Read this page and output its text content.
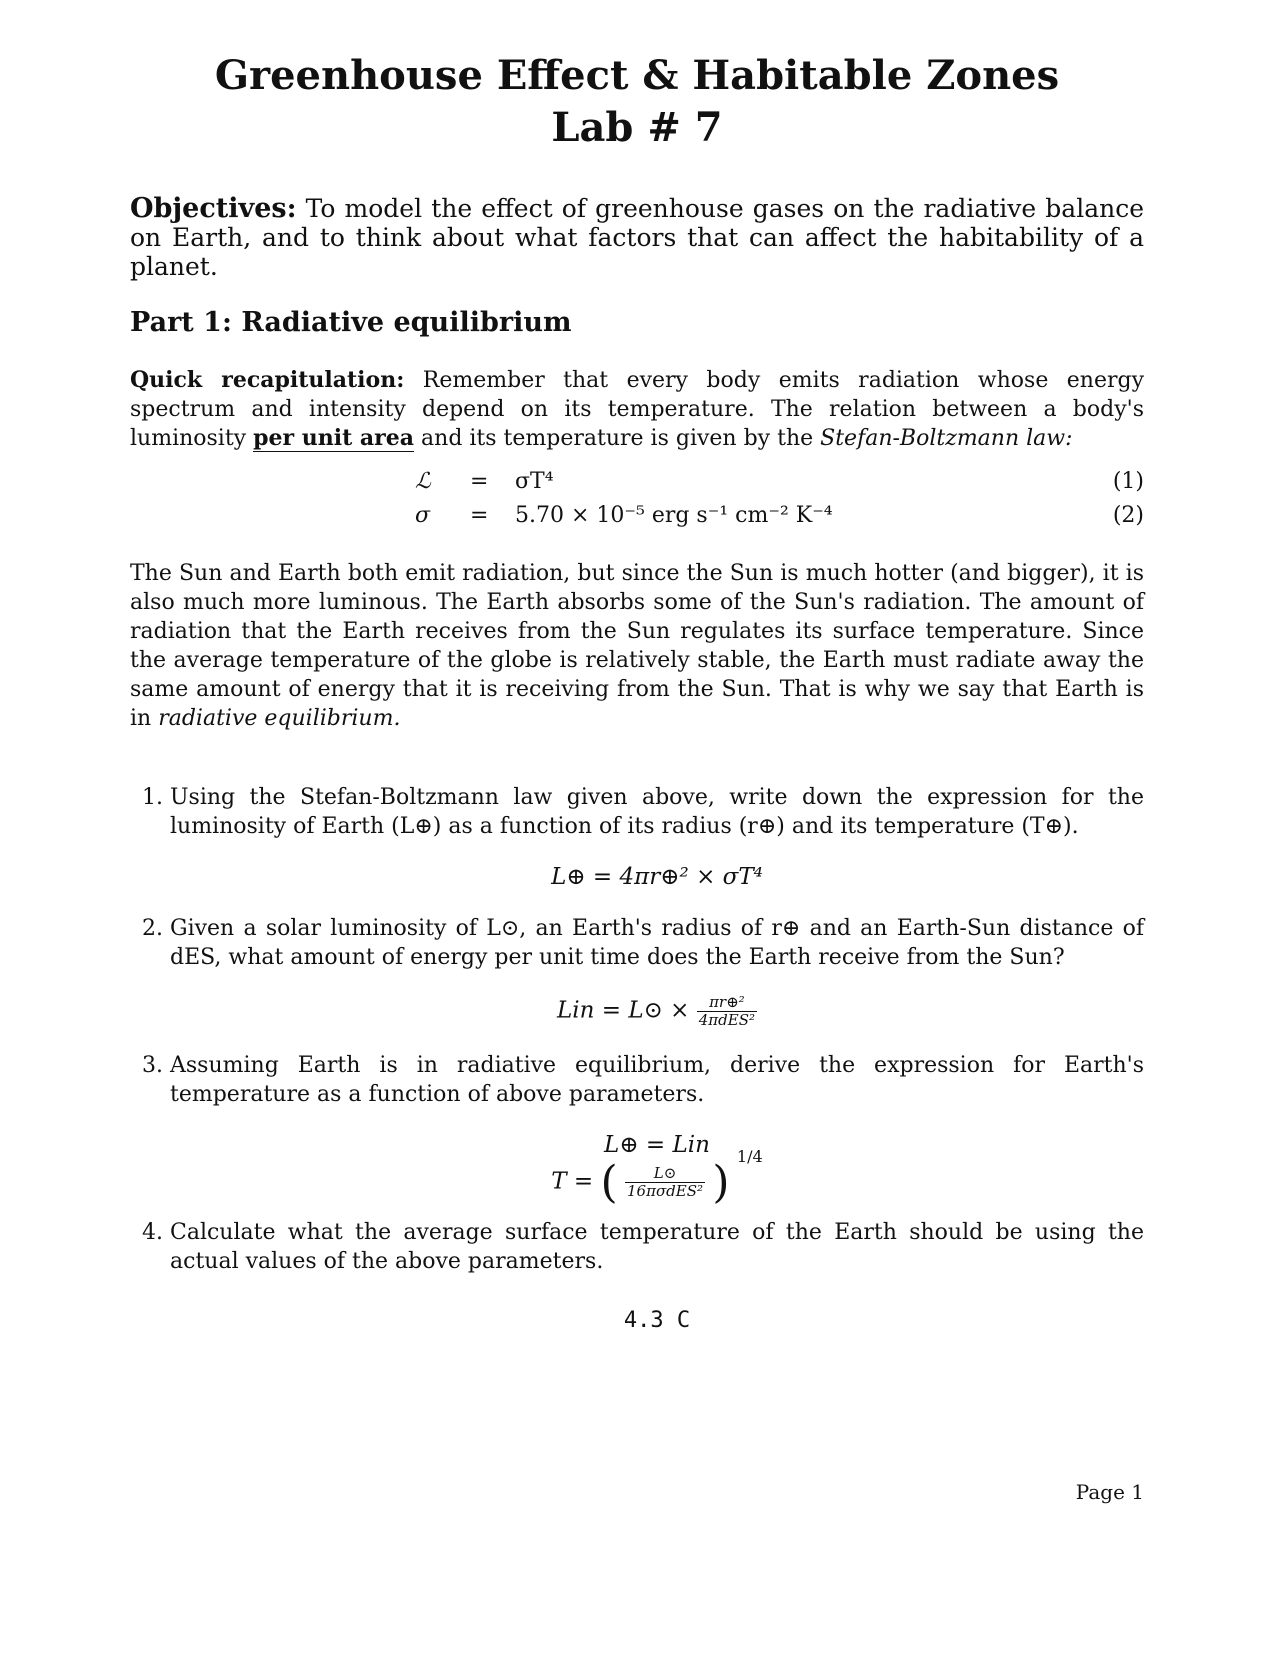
Greenhouse Effect & Habitable Zones
Lab # 7
Objectives: To model the effect of greenhouse gases on the radiative balance on Earth, and to think about what factors that can affect the habitability of a planet.
Part 1: Radiative equilibrium
Quick recapitulation: Remember that every body emits radiation whose energy spectrum and intensity depend on its temperature. The relation between a body's luminosity per unit area and its temperature is given by the Stefan-Boltzmann law:
ℒ = σT⁴	(1)
σ = 5.70 × 10⁻⁵ erg s⁻¹ cm⁻² K⁻⁴	(2)
The Sun and Earth both emit radiation, but since the Sun is much hotter (and bigger), it is also much more luminous. The Earth absorbs some of the Sun's radiation. The amount of radiation that the Earth receives from the Sun regulates its surface temperature. Since the average temperature of the globe is relatively stable, the Earth must radiate away the same amount of energy that it is receiving from the Sun. That is why we say that Earth is in radiative equilibrium.
1. Using the Stefan-Boltzmann law given above, write down the expression for the luminosity of Earth (L⊕) as a function of its radius (r⊕) and its temperature (T⊕).
L⊕ = 4πr⊕² × σT⁴
2. Given a solar luminosity of L⊙, an Earth's radius of r⊕ and an Earth-Sun distance of dES, what amount of energy per unit time does the Earth receive from the Sun?
Lin = L⊙ × $\frac{\text{πr⊕²}}{\text{4πdES²}}$
3. Assuming Earth is in radiative equilibrium, derive the expression for Earth's temperature as a function of above parameters.
L⊕ = Lin
T = ( $\frac{L⊙}{\text{16πσdES²}}$ ) $^{1/4}$
4. Calculate what the average surface temperature of the Earth should be using the actual values of the above parameters.
4.3 C
Page 1
